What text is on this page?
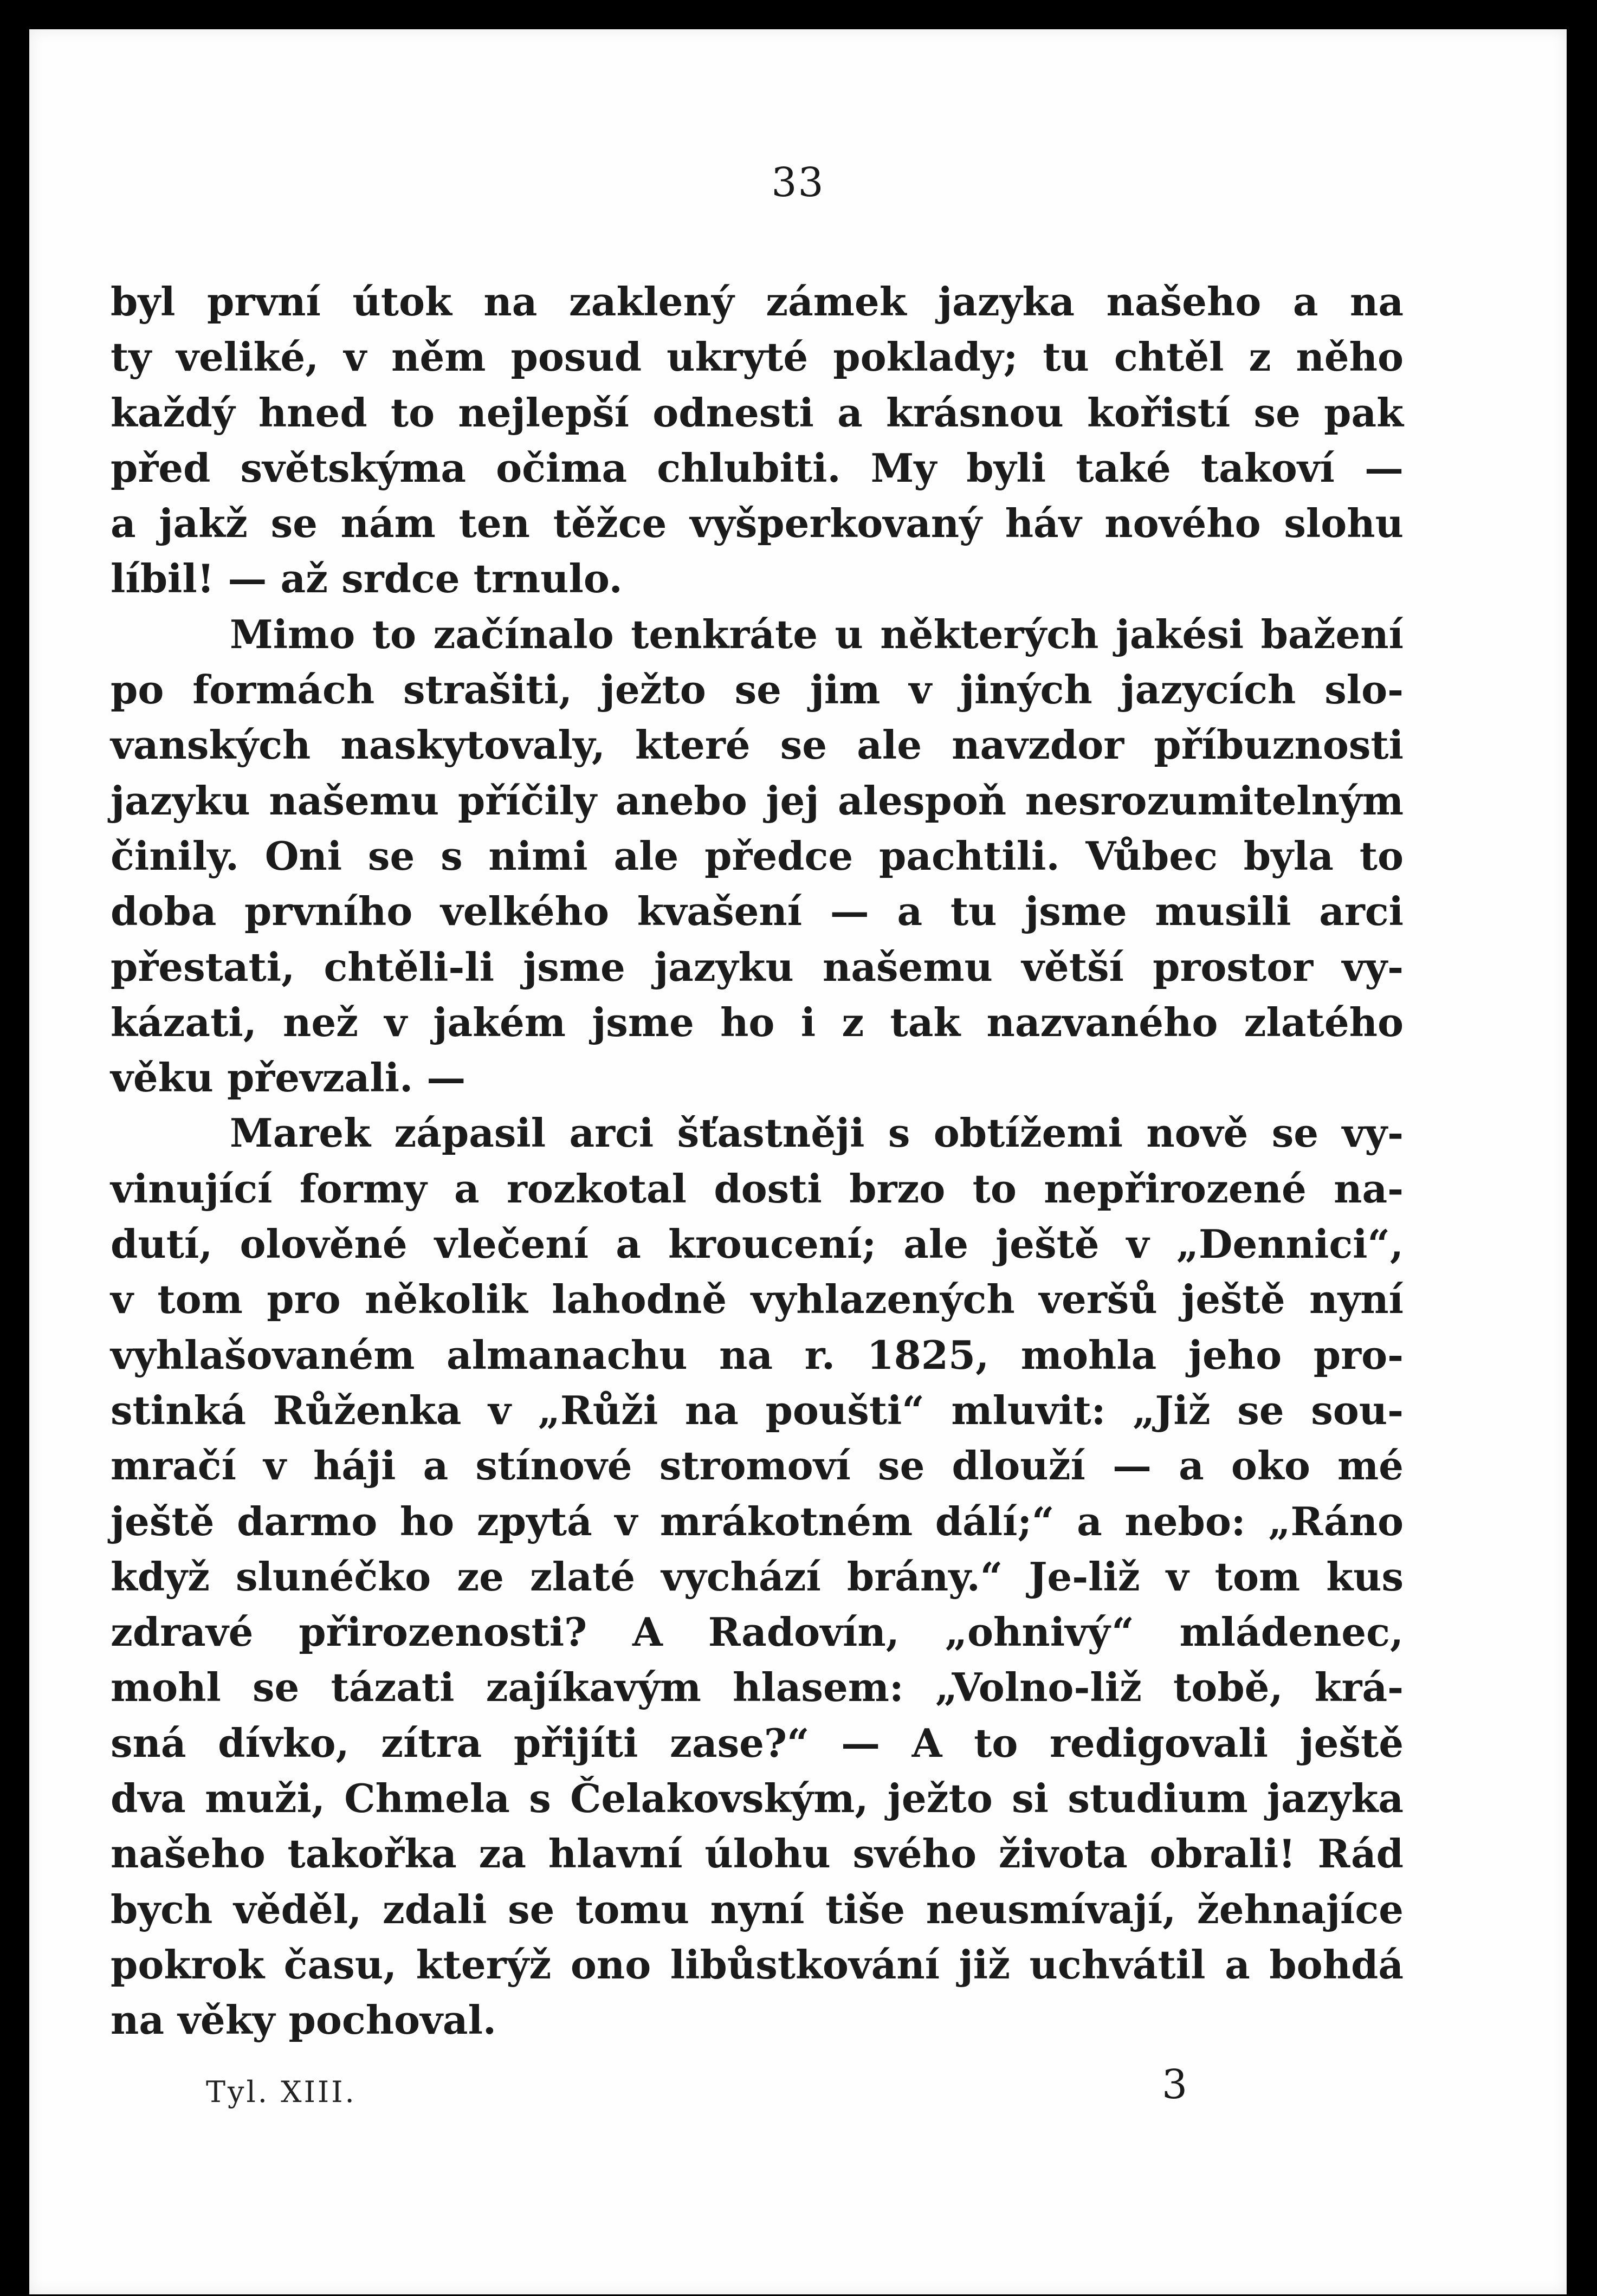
33
byl první útok na zaklený zámek jazyka našeho a na
ty veliké, v něm posud ukryté poklady; tu chtěl z něho
každý hned to nejlepší odnesti a krásnou kořistí se pak
před světskýma očima chlubiti. My byli také takoví —
a jakž se nám ten těžce vyšperkovaný háv nového slohu
líbil! — až srdce trnulo.
Mimo to začínalo tenkráte u některých jakési bažení
po formách strašiti, ježto se jim v jiných jazycích slo-
vanských naskytovaly, které se ale navzdor příbuznosti
jazyku našemu příčily anebo jej alespoň nesrozumitelným
činily. Oni se s nimi ale předce pachtili. Vůbec byla to
doba prvního velkého kvašení — a tu jsme musili arci
přestati, chtěli-li jsme jazyku našemu větší prostor vy-
kázati, než v jakém jsme ho i z tak nazvaného zlatého
věku převzali. —
Marek zápasil arci šťastněji s obtížemi nově se vy-
vinující formy a rozkotal dosti brzo to nepřirozené na-
dutí, olověné vlečení a kroucení; ale ještě v „Dennici“,
v tom pro několik lahodně vyhlazených veršů ještě nyní
vyhlašovaném almanachu na r. 1825, mohla jeho pro-
stinká Růženka v „Růži na poušti“ mluvit: „Již se sou-
mračí v háji a stínové stromoví se dlouží — a oko mé
ještě darmo ho zpytá v mrákotném dálí;“ a nebo: „Ráno
když slunéčko ze zlaté vychází brány.“ Je-liž v tom kus
zdravé přirozenosti? A Radovín, „ohnivý“ mládenec,
mohl se tázati zajíkavým hlasem: „Volno-liž tobě, krá-
sná dívko, zítra přijíti zase?“ — A to redigovali ještě
dva muži, Chmela s Čelakovským, ježto si studium jazyka
našeho takořka za hlavní úlohu svého života obrali! Rád
bych věděl, zdali se tomu nyní tiše neusmívají, žehnajíce
pokrok času, kterýž ono libůstkování již uchvátil a bohdá
na věky pochoval.
Tyl. XIII.	3
